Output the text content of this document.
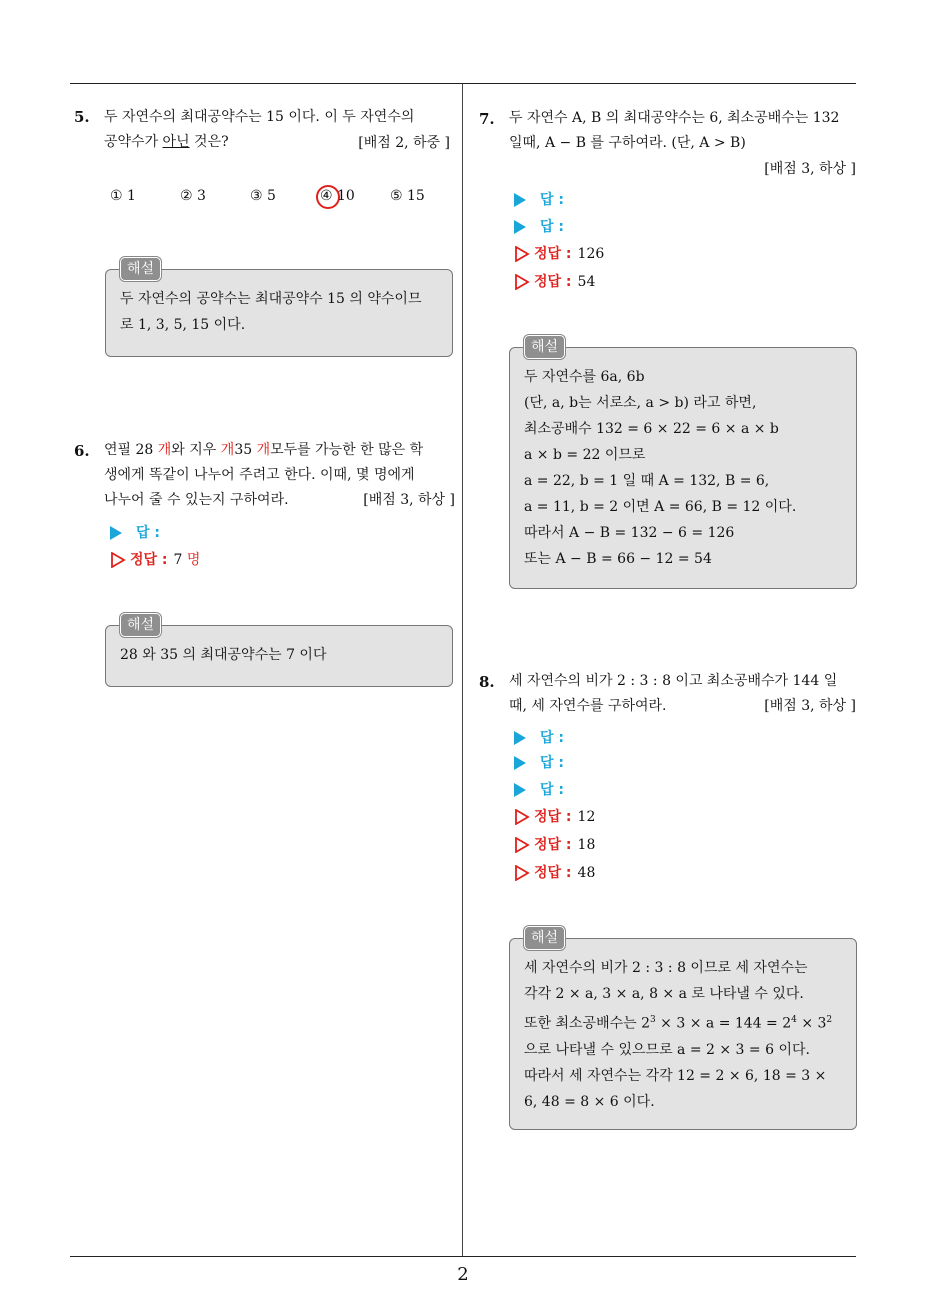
2
5. 두 자연수의 최대공약수는 15 이다. 이 두 자연수의
공약수가 아닌 것은?	[배점 2, 하중 ]
① 1	② 3	③ 5	④ 10	⑤ 15
두 자연수의 공약수는 최대공약수 15 의 약수이므
로 1, 3, 5, 15 이다.
해설
6. 연필 28 개와 지우 개35 개모두를 가능한 한 많은 학
생에게 똑같이 나누어 주려고 한다. 이때, 몇 명에게
나누어 줄 수 있는지 구하여라.	[배점 3, 하상 ]
답 :
정답 : 7 명
28 와 35 의 최대공약수는 7 이다
해설
7. 두 자연수 A, B 의 최대공약수는 6, 최소공배수는 132
일때, A − B 를 구하여라. (단, A > B)
[배점 3, 하상 ]
답 :
답 :
정답 : 126
정답 : 54
두 자연수를 6a, 6b
(단, a, b는 서로소, a > b) 라고 하면,
최소공배수 132 = 6 × 22 = 6 × a × b
a × b = 22 이므로
a = 22, b = 1 일 때 A = 132, B = 6,
a = 11, b = 2 이면 A = 66, B = 12 이다.
따라서 A − B = 132 − 6 = 126
또는 A − B = 66 − 12 = 54
해설
8. 세 자연수의 비가 2 : 3 : 8 이고 최소공배수가 144 일
때, 세 자연수를 구하여라.	[배점 3, 하상 ]
답 :
답 :
답 :
정답 : 12
정답 : 18
정답 : 48
세 자연수의 비가 2 : 3 : 8 이므로 세 자연수는
각각 2 × a, 3 × a, 8 × a 로 나타낼 수 있다.
또한 최소공배수는 $2^3 \times 3 \times a = 144 = 2^4 \times 3^2$
으로 나타낼 수 있으므로 a = 2 × 3 = 6 이다.
따라서 세 자연수는 각각 12 = 2 × 6, 18 = 3 ×
6, 48 = 8 × 6 이다.
해설
